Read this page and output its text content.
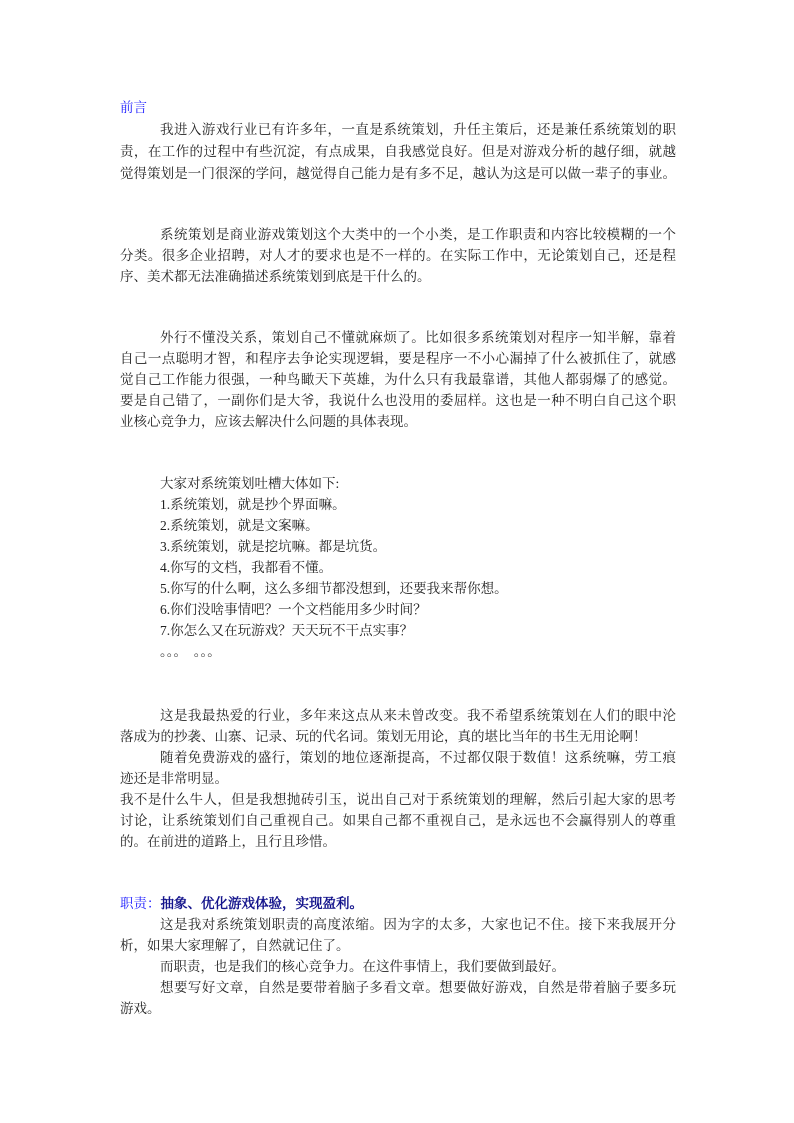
前言
我进入游戏行业已有许多年，一直是系统策划，升任主策后，还是兼任系统策划的职
责，在工作的过程中有些沉淀，有点成果，自我感觉良好。但是对游戏分析的越仔细，就越
觉得策划是一门很深的学问，越觉得自己能力是有多不足，越认为这是可以做一辈子的事业。
系统策划是商业游戏策划这个大类中的一个小类，是工作职责和内容比较模糊的一个
分类。很多企业招聘，对人才的要求也是不一样的。在实际工作中，无论策划自己，还是程
序、美术都无法准确描述系统策划到底是干什么的。
外行不懂没关系，策划自己不懂就麻烦了。比如很多系统策划对程序一知半解，靠着
自己一点聪明才智，和程序去争论实现逻辑，要是程序一不小心漏掉了什么被抓住了，就感
觉自己工作能力很强，一种鸟瞰天下英雄，为什么只有我最靠谱，其他人都弱爆了的感觉。
要是自己错了，一副你们是大爷，我说什么也没用的委屈样。这也是一种不明白自己这个职
业核心竞争力，应该去解决什么问题的具体表现。
大家对系统策划吐槽大体如下:
1.系统策划，就是抄个界面嘛。
2.系统策划，就是文案嘛。
3.系统策划，就是挖坑嘛。都是坑货。
4.你写的文档，我都看不懂。
5.你写的什么啊，这么多细节都没想到，还要我来帮你想。
6.你们没啥事情吧？一个文档能用多少时间？
7.你怎么又在玩游戏？天天玩不干点实事？
。。。  。。。
这是我最热爱的行业，多年来这点从来未曾改变。我不希望系统策划在人们的眼中沦
落成为的抄袭、山寨、记录、玩的代名词。策划无用论，真的堪比当年的书生无用论啊！
随着免费游戏的盛行，策划的地位逐渐提高，不过都仅限于数值！这系统嘛，劳工痕
迹还是非常明显。
我不是什么牛人，但是我想抛砖引玉，说出自己对于系统策划的理解，然后引起大家的思考
讨论，让系统策划们自己重视自己。如果自己都不重视自己，是永远也不会赢得别人的尊重
的。在前进的道路上，且行且珍惜。
职责：抽象、优化游戏体验，实现盈利。
这是我对系统策划职责的高度浓缩。因为字的太多，大家也记不住。接下来我展开分
析，如果大家理解了，自然就记住了。
而职责，也是我们的核心竞争力。在这件事情上，我们要做到最好。
想要写好文章，自然是要带着脑子多看文章。想要做好游戏，自然是带着脑子要多玩
游戏。
